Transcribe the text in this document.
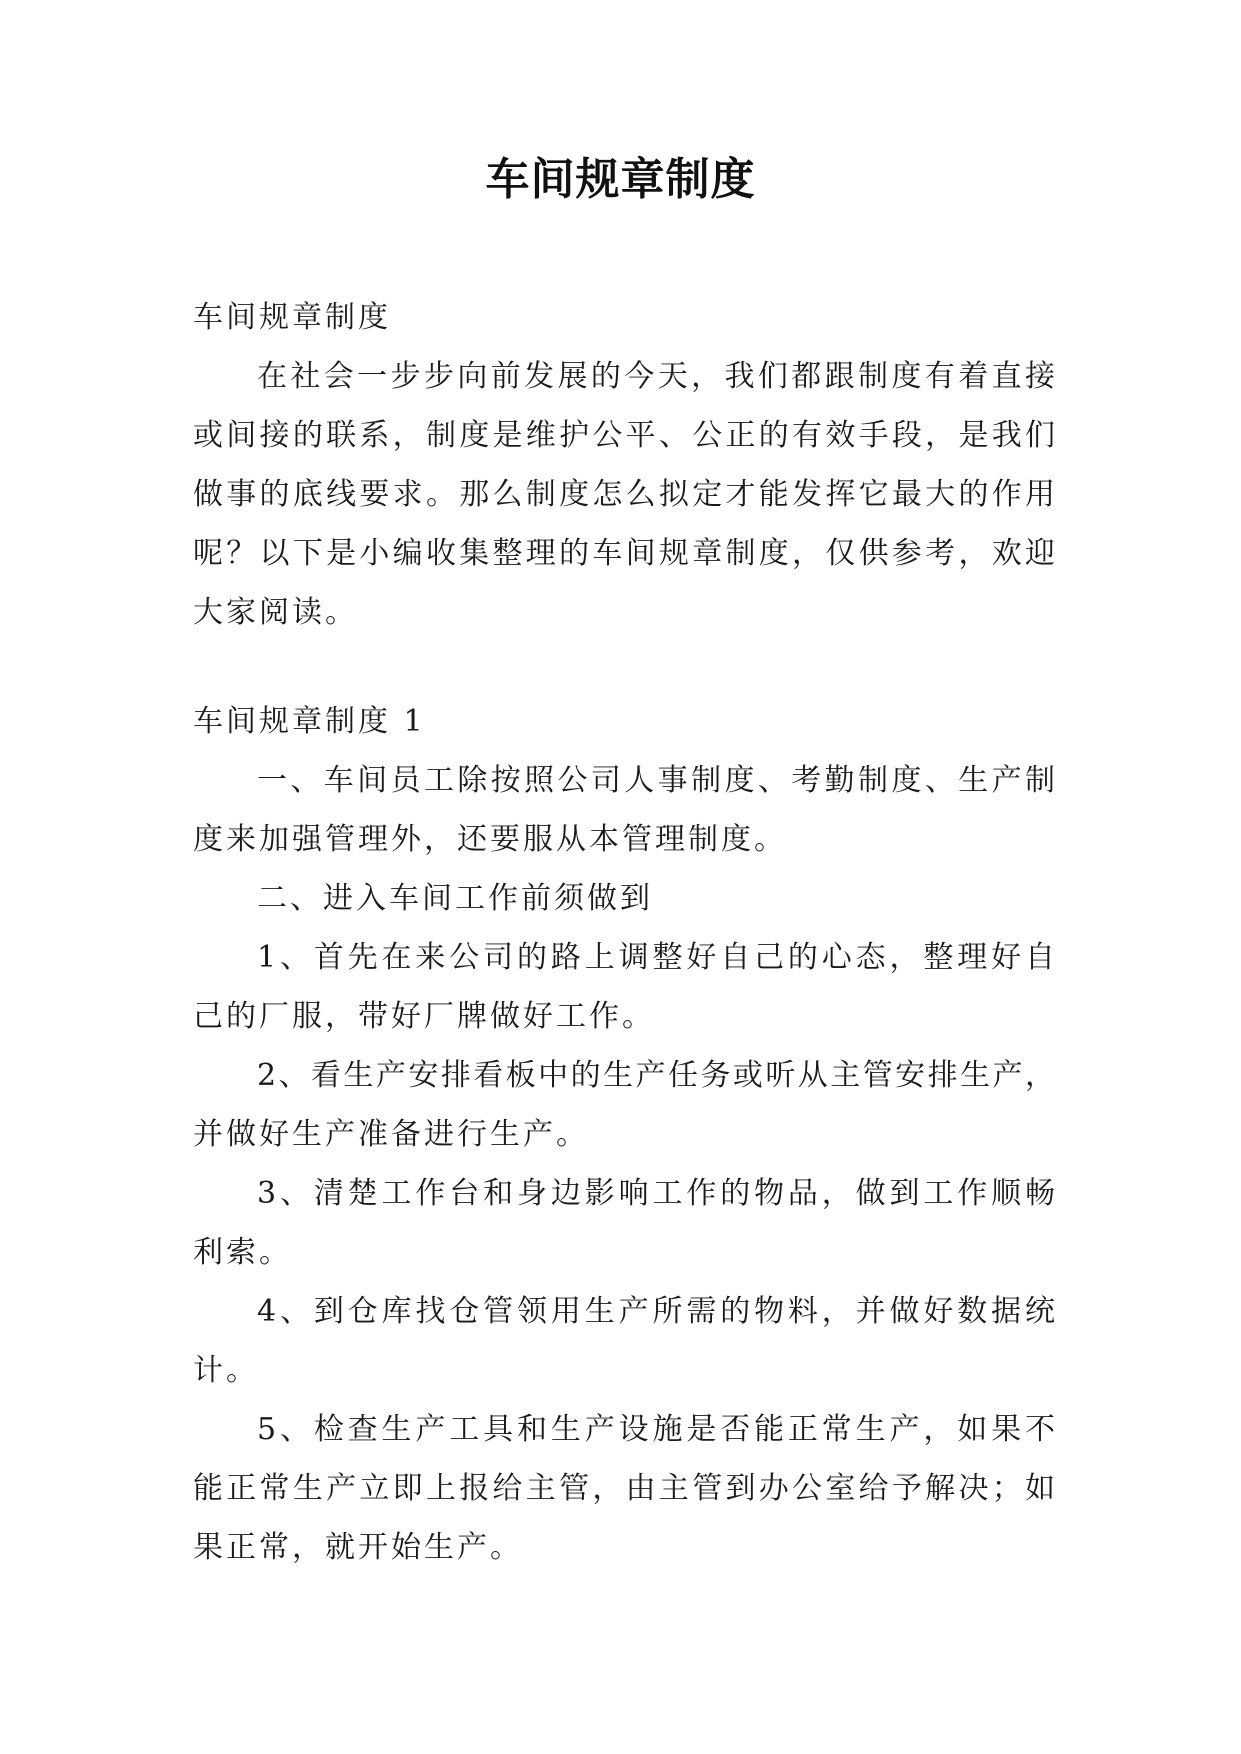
车间规章制度
车间规章制度
在社会一步步向前发展的今天，我们都跟制度有着直接
或间接的联系，制度是维护公平、公正的有效手段，是我们
做事的底线要求。那么制度怎么拟定才能发挥它最大的作用
呢？以下是小编收集整理的车间规章制度，仅供参考，欢迎
大家阅读。
车间规章制度 1
一、车间员工除按照公司人事制度、考勤制度、生产制
度来加强管理外，还要服从本管理制度。
二、进入车间工作前须做到
1、首先在来公司的路上调整好自己的心态，整理好自
己的厂服，带好厂牌做好工作。
2、看生产安排看板中的生产任务或听从主管安排生产，
并做好生产准备进行生产。
3、清楚工作台和身边影响工作的物品，做到工作顺畅
利索。
4、到仓库找仓管领用生产所需的物料，并做好数据统
计。
5、检查生产工具和生产设施是否能正常生产，如果不
能正常生产立即上报给主管，由主管到办公室给予解决；如
果正常，就开始生产。
